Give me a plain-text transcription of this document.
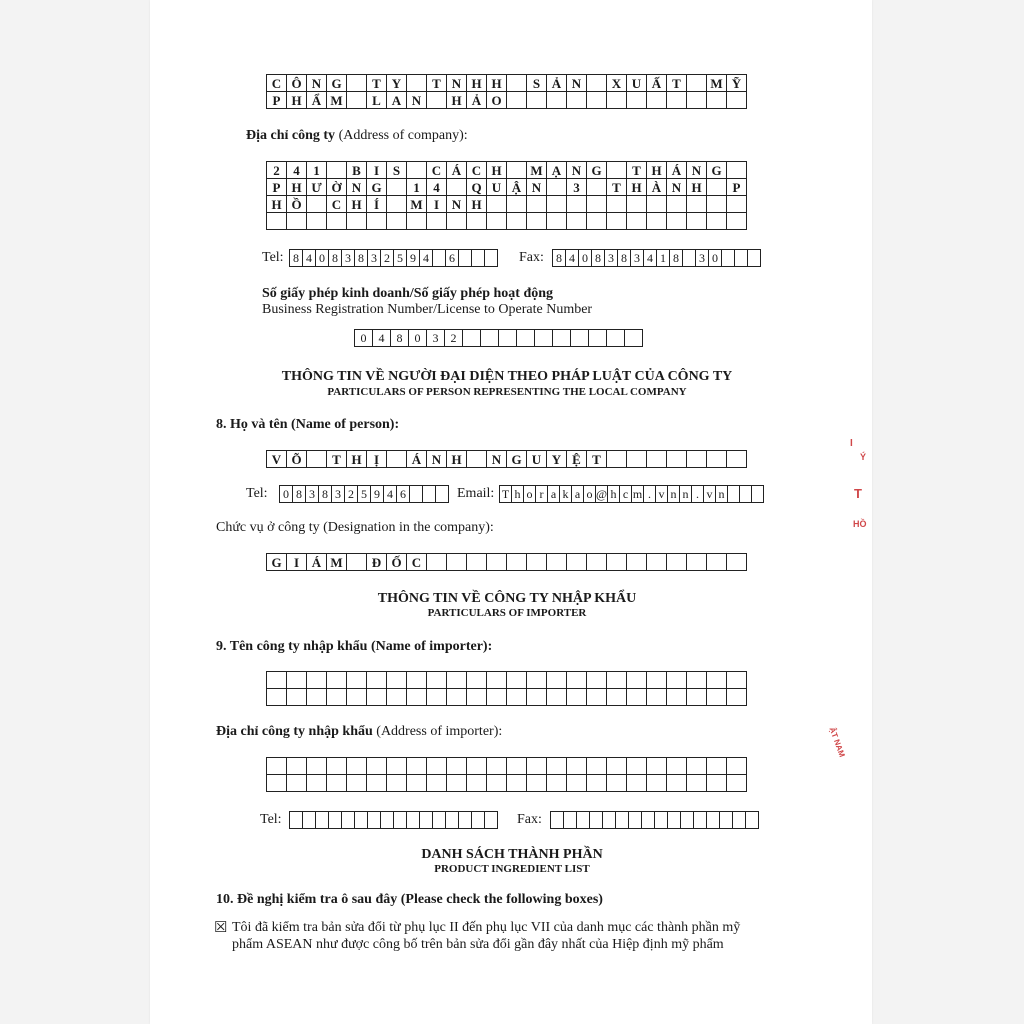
C Ô N G	T Y	T N H H	S Ả N	X U Ấ T	M Ỹ
P H Ẩ M	L A N	H Ả O
Địa chỉ công ty (Address of company):
2	4	1	B	I	S	C Á C H	M Ạ N G	T H Á N G
P H Ư Ờ N G	1	4	Q U Ậ N	3	T H À N H	P
H Ồ	C H Í	M I N H
Tel: 8 4 0 8 3 8 3 2 5 9 4	6	Fax: 8 4 0 8 3 8 3 4 1 8	3 0
Số giấy phép kinh doanh/Số giấy phép hoạt động
Business Registration Number/License to Operate Number
0	4	8	0	3	2
THÔNG TIN VỀ NGƯỜI ĐẠI DIỆN THEO PHÁP LUẬT CỦA CÔNG TY
PARTICULARS OF PERSON REPRESENTING THE LOCAL COMPANY
8. Họ và tên (Name of person):
V Õ	T H Ị	Á N H	N G U Y Ệ T
Tel: 0 8 3 8 3 2 5 9 4 6	Email: T h o r a k a o @ h c m . v n n . v n
Chức vụ ở công ty (Designation in the company):
G I Á M	Đ Ố C
THÔNG TIN VỀ CÔNG TY NHẬP KHẨU
PARTICULARS OF IMPORTER
9. Tên công ty nhập khẩu (Name of importer):
Địa chỉ công ty nhập khẩu (Address of importer):
Tel:	Fax:
DANH SÁCH THÀNH PHẦN
PRODUCT INGREDIENT LIST
10. Đề nghị kiểm tra ô sau đây (Please check the following boxes)
☒ Tôi đã kiểm tra bản sửa đổi từ phụ lục II đến phụ lục VII của danh mục các thành phần mỹ
phẩm ASEAN như được công bố trên bản sửa đổi gần đây nhất của Hiệp định mỹ phẩm
I
Ý
T
HỒ
ẬT NAM
